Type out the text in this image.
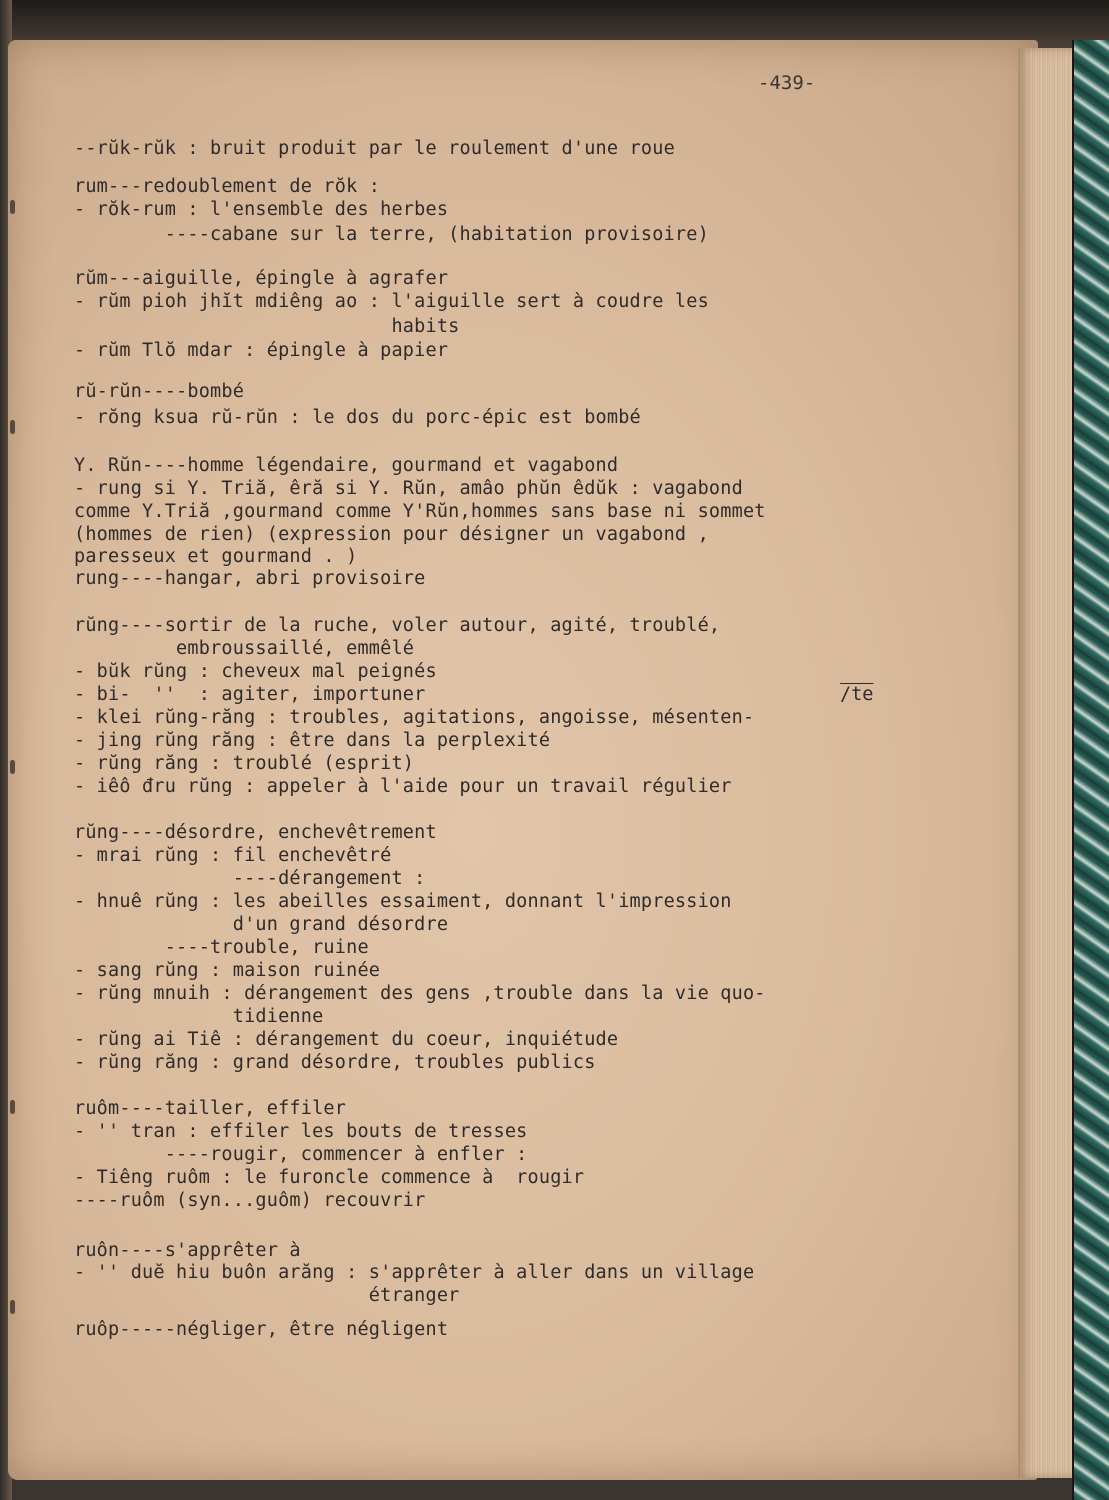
-439-
--rŭk-rŭk : bruit produit par le roulement d'une roue
rum---redoublement de rŏk :
- rŏk-rum : l'ensemble des herbes
----cabane sur la terre, (habitation provisoire)
rŭm---aiguille, épingle à agrafer
- rŭm pioh jhĭt mdiêng ao : l'aiguille sert à coudre les
habits
- rŭm Tlŏ mdar : épingle à papier
rŭ-rŭn----bombé
- rŏng ksua rŭ-rŭn : le dos du porc-épic est bombé
Y. Rŭn----homme légendaire, gourmand et vagabond
- rung si Y. Triă, êră si Y. Rŭn, amâo phŭn êdŭk : vagabond
comme Y.Triă ,gourmand comme Y'Rŭn,hommes sans base ni sommet
(hommes de rien) (expression pour désigner un vagabond ,
paresseux et gourmand . )
rung----hangar, abri provisoire
rŭng----sortir de la ruche, voler autour, agité, troublé,
embroussaillé, emmêlé
- bŭk rŭng : cheveux mal peignés
- bi-  ''  : agiter, importuner	/te
- klei rŭng-răng : troubles, agitations, angoisse, mésenten-
- jing rŭng răng : être dans la perplexité
- rŭng răng : troublé (esprit)
- iêô đru rŭng : appeler à l'aide pour un travail régulier
rŭng----désordre, enchevêtrement
- mrai rŭng : fil enchevêtré
----dérangement :
- hnuê rŭng : les abeilles essaiment, donnant l'impression
d'un grand désordre
----trouble, ruine
- sang rŭng : maison ruinée
- rŭng mnuih : dérangement des gens ,trouble dans la vie quo-
tidienne
- rŭng ai Tiê : dérangement du coeur, inquiétude
- rŭng răng : grand désordre, troubles publics
ruôm----tailler, effiler
- '' tran : effiler les bouts de tresses
----rougir, commencer à enfler :
- Tiêng ruôm : le furoncle commence à  rougir
----ruôm (syn...guôm) recouvrir
ruôn----s'apprêter à
- '' duĕ hiu buôn arăng : s'apprêter à aller dans un village
étranger
ruôp-----négliger, être négligent
